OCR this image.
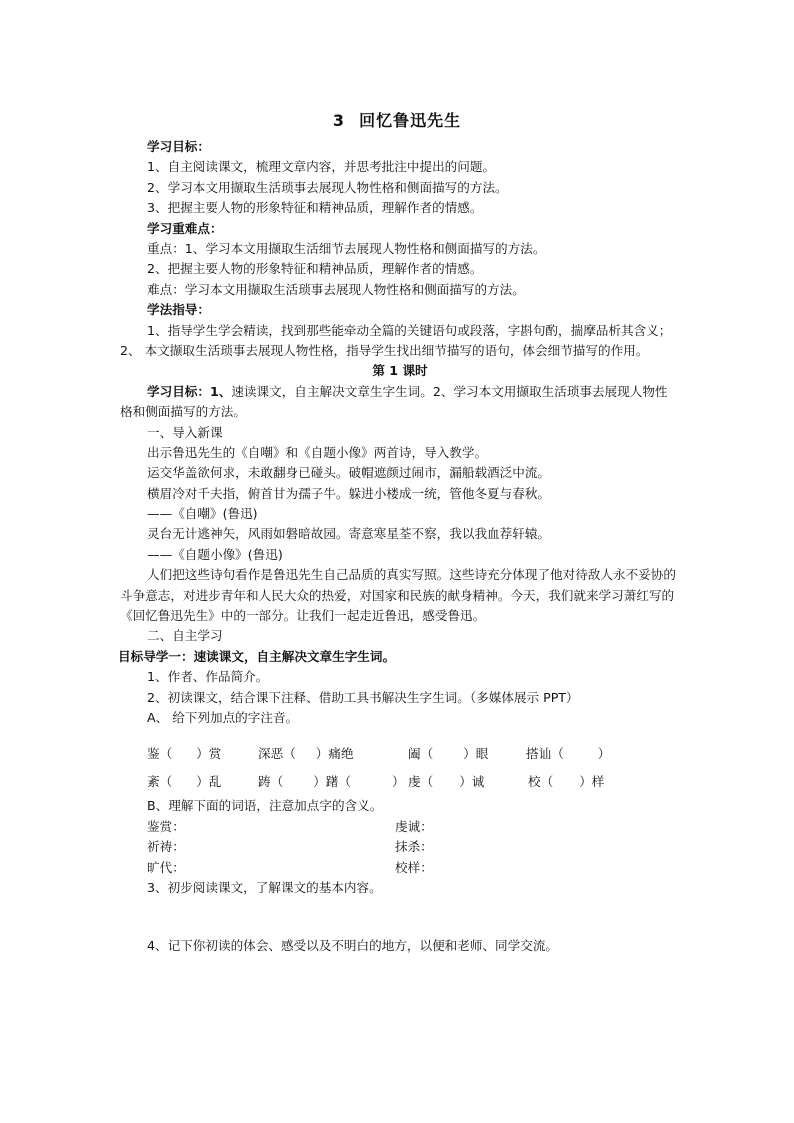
3 回忆鲁迅先生
学习目标：
1、自主阅读课文，梳理文章内容，并思考批注中提出的问题。
2、学习本文用撷取生活琐事去展现人物性格和侧面描写的方法。
3、把握主要人物的形象特征和精神品质，理解作者的情感。
学习重难点：
重点：1、学习本文用撷取生活细节去展现人物性格和侧面描写的方法。
2、把握主要人物的形象特征和精神品质，理解作者的情感。
难点：学习本文用撷取生活琐事去展现人物性格和侧面描写的方法。
学法指导：
1、指导学生学会精读，找到那些能牵动全篇的关键语句或段落，字斟句酌，揣摩品析其含义；2、 本文撷取生活琐事去展现人物性格，指导学生找出细节描写的语句，体会细节描写的作用。
第 1 课时
学习目标：1、速读课文，自主解决文章生字生词。2、学习本文用撷取生活琐事去展现人物性格和侧面描写的方法。
一、导入新课
出示鲁迅先生的《自嘲》和《自题小像》两首诗，导入教学。
运交华盖欲何求，未敢翻身已碰头。破帽遮颜过闹市，漏船载酒泛中流。
横眉冷对千夫指，俯首甘为孺子牛。躲进小楼成一统，管他冬夏与春秋。
——《自嘲》(鲁迅)
灵台无计逃神矢，风雨如磐暗故园。寄意寒星荃不察，我以我血荐轩辕。
——《自题小像》(鲁迅)
人们把这些诗句看作是鲁迅先生自己品质的真实写照。这些诗充分体现了他对待敌人永不妥协的斗争意志，对进步青年和人民大众的热爱，对国家和民族的献身精神。今天，我们就来学习萧红写的《回忆鲁迅先生》中的一部分。让我们一起走近鲁迅，感受鲁迅。
二、自主学习
目标导学一：速读课文，自主解决文章生字生词。
1、作者、作品简介。
2、初读课文，结合课下注释、借助工具书解决生字生词。（多媒体展示 PPT）
A、 给下列加点的字注音。
鉴（ ）赏	深恶（ ）痛绝	阖（ ）眼	搭讪（	）
紊（ ）乱	踌（ ）躇（	） 虔（ ）诚	校（ ）样
B、理解下面的词语，注意加点字的含义。
鉴赏：	虔诚：
祈祷：	抹杀：
旷代：	校样：
3、初步阅读课文，了解课文的基本内容。
4、记下你初读的体会、感受以及不明白的地方，以便和老师、同学交流。
